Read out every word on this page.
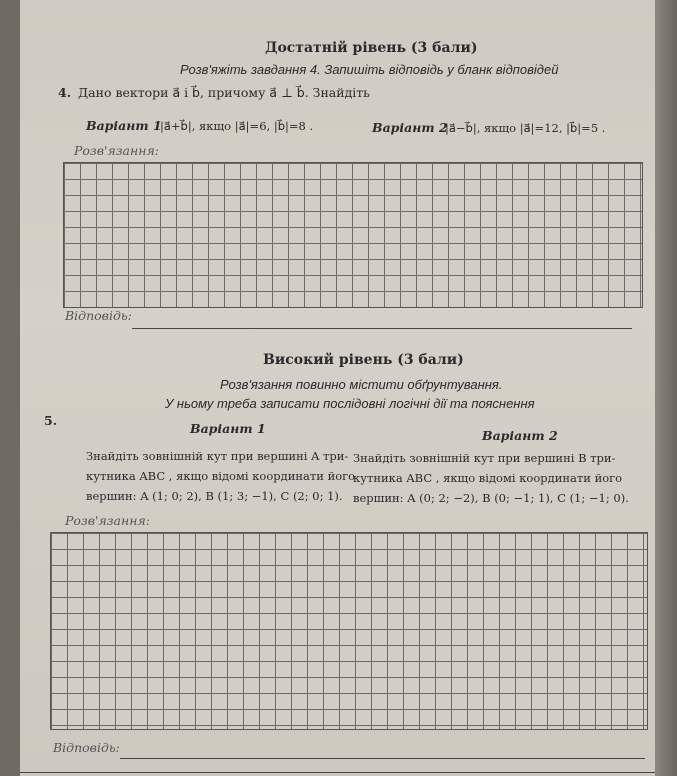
Достатній рівень (3 бали)
Розв'яжіть завдання 4. Запишіть відповідь у бланк відповідей
4. Дано вектори a⃗ і b⃗, причому a⃗ ⊥ b⃗. Знайдіть
Варіант 1
|a⃗+b⃗|, якщо |a⃗|=6, |b⃗|=8 .	Варіант 2
|a⃗−b⃗|, якщо |a⃗|=12, |b⃗|=5 .
Розв'язання:
Відповідь:
Високий рівень (3 бали)
Розв'язання повинно містити обґрунтування.
У ньому треба записати послідовні логічні дії та пояснення
5.
Варіант 1	Варіант 2
Знайдіть зовнішній кут при вершині A три-
кутника ABC , якщо відомі координати його
вершин: A (1; 0; 2), B (1; 3; −1), C (2; 0; 1).
Знайдіть зовнішній кут при вершині B три-
кутника ABC , якщо відомі координати його
вершин: A (0; 2; −2), B (0; −1; 1), C (1; −1; 0).
Розв'язання:
Відповідь:
